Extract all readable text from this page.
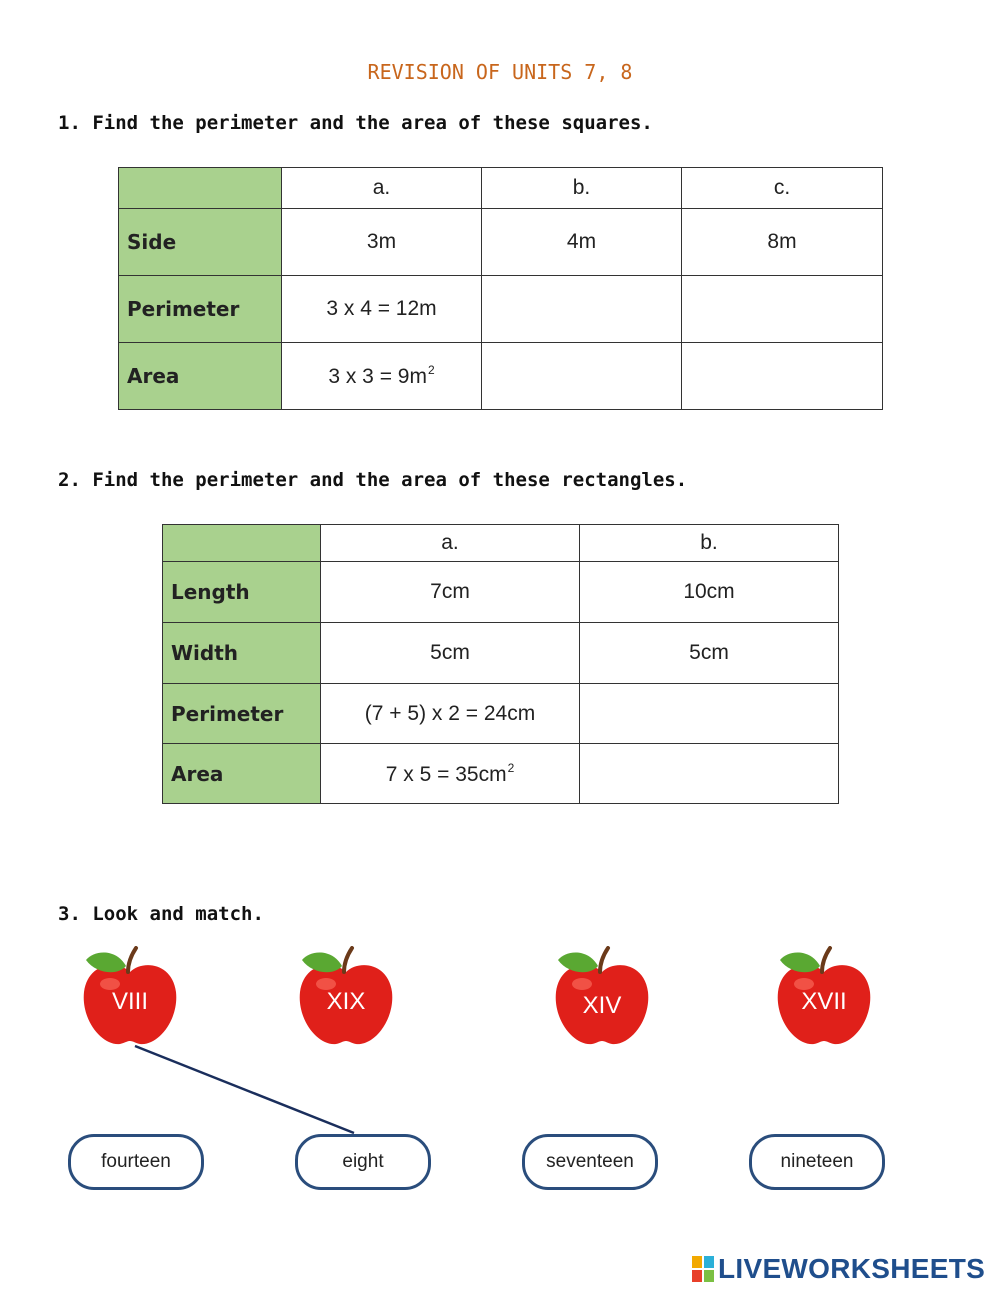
REVISION OF UNITS 7, 8
1. Find the perimeter and the area of these squares.
	a.	b.	c.
Side	3m	4m	8m
Perimeter	3 x 4 = 12m		
Area	3 x $3 = 9m^2$		
2. Find the perimeter and the area of these rectangles.
	a.	b.
Length	7cm	10cm
Width	5cm	5cm
Perimeter	(7 + 5) x 2 = 24cm	
Area	7 x $5 = 35cm^2$	
3. Look and match.
VIII	XIX	XIV	XVII
fourteen	eight	seventeen	nineteen
LIVEWORKSHEETS
